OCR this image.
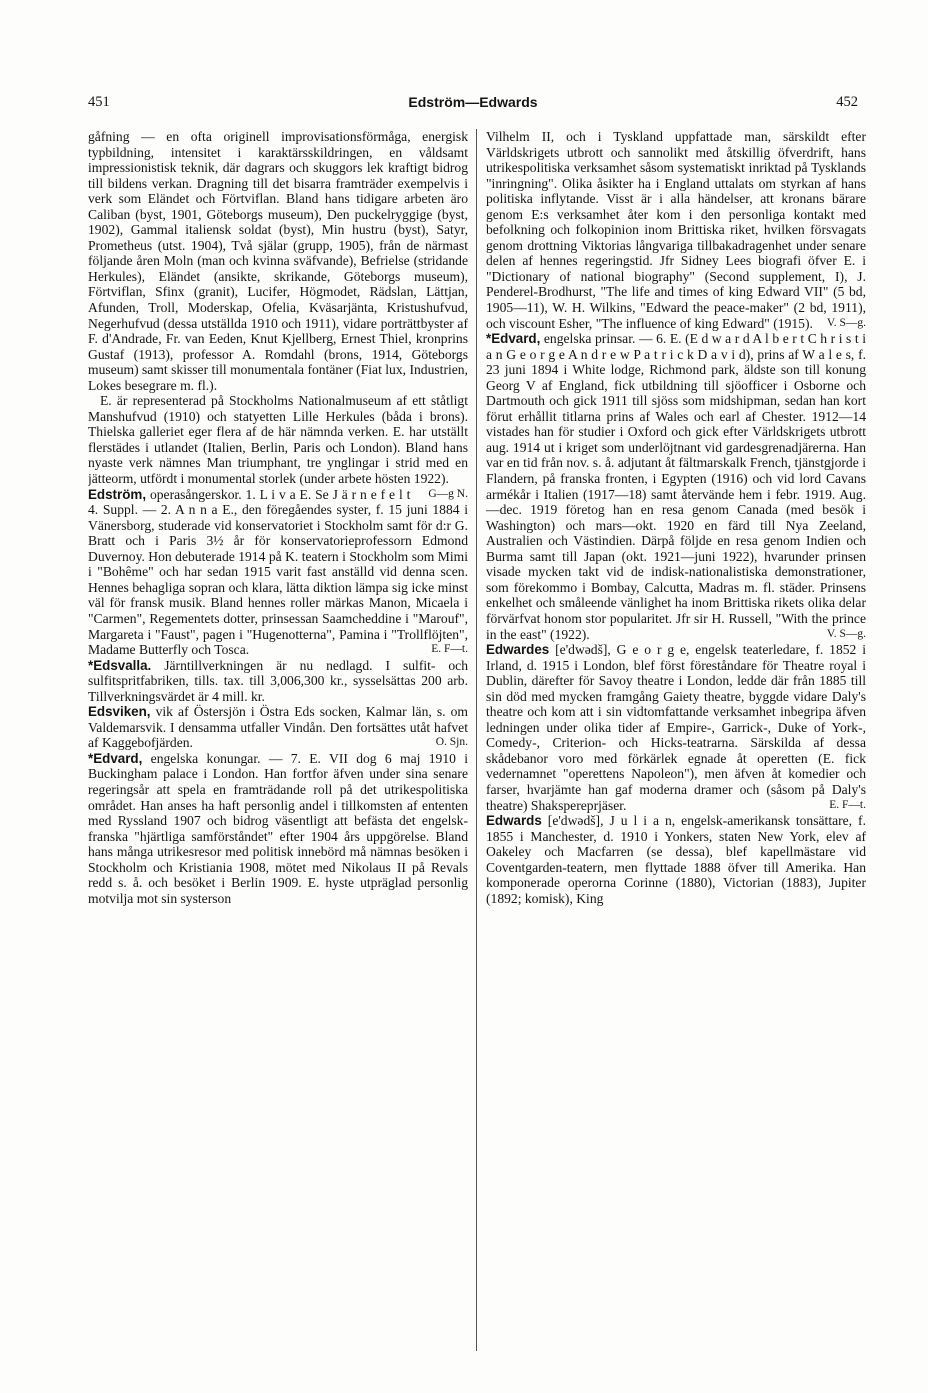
451	Edström—Edwards	452

gåfning — en ofta originell improvisationsförmåga, energisk typbildning, intensitet i karaktärsskildringen, en våldsamt impressionistisk teknik, där dagrars och skuggors lek kraftigt bidrog till bildens verkan. Dragning till det bisarra framträder exempelvis i verk som Eländet och Förtviflan. Bland hans tidigare arbeten äro Caliban (byst, 1901, Göteborgs museum), Den puckelryggige (byst, 1902), Gammal italiensk soldat (byst), Min hustru (byst), Satyr, Prometheus (utst. 1904), Två själar (grupp, 1905), från de närmast följande åren Moln (man och kvinna sväfvande), Befrielse (stridande Herkules), Eländet (ansikte, skrikande, Göteborgs museum), Förtviflan, Sfinx (granit), Lucifer, Högmodet, Rädslan, Lättjan, Afunden, Troll, Moderskap, Ofelia, Kväsarjänta, Kristushufvud, Negerhufvud (dessa utställda 1910 och 1911), vidare porträttbyster af F. d'Andrade, Fr. van Eeden, Knut Kjellberg, Ernest Thiel, kronprins Gustaf (1913), professor A. Romdahl (brons, 1914, Göteborgs museum) samt skisser till monumentala fontäner (Fiat lux, Industrien, Lokes besegrare m. fl.).

E. är representerad på Stockholms Nationalmuseum af ett ståtligt Manshufvud (1910) och statyetten Lille Herkules (båda i brons). Thielska galleriet eger flera af de här nämnda verken. E. har utställt flerstädes i utlandet (Italien, Berlin, Paris och London). Bland hans nyaste verk nämnes Man triumphant, tre ynglingar i strid med en jätteorm, utfördt i monumental storlek (under arbete hösten 1922).
G—g N.

Edström, operasångerskor. 1. L i v a E. Se J ä r n e f e l t 4. Suppl. — 2. A n n a E., den föregåendes syster, f. 15 juni 1884 i Vänersborg, studerade vid konservatoriet i Stockholm samt för d:r G. Bratt och i Paris 3½ år för konservatorieprofessorn Edmond Duvernoy. Hon debuterade 1914 på K. teatern i Stockholm som Mimi i "Bohême" och har sedan 1915 varit fast anställd vid denna scen. Hennes behagliga sopran och klara, lätta diktion lämpa sig icke minst väl för fransk musik. Bland hennes roller märkas Manon, Micaela i "Carmen", Regementets dotter, prinsessan Saamcheddine i "Marouf", Margareta i "Faust", pagen i "Hugenotterna", Pamina i "Trollflöjten", Madame Butterfly och Tosca.	E. F—t.

*Edsvalla. Järntillverkningen är nu nedlagd. I sulfit- och sulfitspritfabriken, tills. tax. till 3,006,300 kr., sysselsättas 200 arb. Tillverkningsvärdet är 4 mill. kr.

Edsviken, vik af Östersjön i Östra Eds socken, Kalmar län, s. om Valdemarsvik. I densamma utfaller Vindån. Den fortsättes utåt hafvet af Kaggebofjärden.	O. Sjn.

*Edvard, engelska konungar. — 7. E. VII dog 6 maj 1910 i Buckingham palace i London. Han fortfor äfven under sina senare regeringsår att spela en framträdande roll på det utrikespolitiska området. Han anses ha haft personlig andel i tillkomsten af ententen med Ryssland 1907 och bidrog väsentligt att befästa det engelsk-franska "hjärtliga samförståndet" efter 1904 års uppgörelse. Bland hans många utrikesresor med politisk innebörd må nämnas besöken i Stockholm och Kristiania 1908, mötet med Nikolaus II på Revals redd s. å. och besöket i Berlin 1909. E. hyste utpräglad personlig motvilja mot sin systerson

Vilhelm II, och i Tyskland uppfattade man, särskildt efter Världskrigets utbrott och sannolikt med åtskillig öfverdrift, hans utrikespolitiska verksamhet såsom systematiskt inriktad på Tysklands "inringning". Olika åsikter ha i England uttalats om styrkan af hans politiska inflytande. Visst är i alla händelser, att kronans bärare genom E:s verksamhet åter kom i den personliga kontakt med befolkning och folkopinion inom Brittiska riket, hvilken försvagats genom drottning Viktorias långvariga tillbakadragenhet under senare delen af hennes regeringstid. Jfr Sidney Lees biografi öfver E. i "Dictionary of national biography" (Second supplement, I), J. Penderel-Brodhurst, "The life and times of king Edward VII" (5 bd, 1905—11), W. H. Wilkins, "Edward the peace-maker" (2 bd, 1911), och viscount Esher, "The influence of king Edward" (1915). V. S—g.

*Edvard, engelska prinsar. — 6. E. (E d w a r d A l b e r t C h r i s t i a n G e o r g e A n d r e w P a t r i c k D a v i d), prins af W a l e s, f. 23 juni 1894 i White lodge, Richmond park, äldste son till konung Georg V af England, fick utbildning till sjöofficer i Osborne och Dartmouth och gick 1911 till sjöss som midshipman, sedan han kort förut erhållit titlarna prins af Wales och earl af Chester. 1912—14 vistades han för studier i Oxford och gick efter Världskrigets utbrott aug. 1914 ut i kriget som underlöjtnant vid gardesgrenadjärerna. Han var en tid från nov. s. å. adjutant åt fältmarskalk French, tjänstgjorde i Flandern, på franska fronten, i Egypten (1916) och vid lord Cavans armékår i Italien (1917—18) samt återvände hem i febr. 1919. Aug.—dec. 1919 företog han en resa genom Canada (med besök i Washington) och mars—okt. 1920 en färd till Nya Zeeland, Australien och Västindien. Därpå följde en resa genom Indien och Burma samt till Japan (okt. 1921—juni 1922), hvarunder prinsen visade mycken takt vid de indisk-nationalistiska demonstrationer, som förekommo i Bombay, Calcutta, Madras m. fl. städer. Prinsens enkelhet och småleende vänlighet ha inom Brittiska rikets olika delar förvärfvat honom stor popularitet. Jfr sir H. Russell, "With the prince in the east" (1922).	V. S—g.

Edwardes [e'dwədš], G e o r g e, engelsk teaterledare, f. 1852 i Irland, d. 1915 i London, blef först föreståndare för Theatre royal i Dublin, därefter för Savoy theatre i London, ledde där från 1885 till sin död med mycken framgång Gaiety theatre, byggde vidare Daly's theatre och kom att i sin vidtomfattande verksamhet inbegripa äfven ledningen under olika tider af Empire-, Garrick-, Duke of York-, Comedy-, Criterion- och Hicks-teatrarna. Särskilda af dessa skådebanor voro med förkärlek egnade åt operetten (E. fick vedernamnet "operettens Napoleon"), men äfven åt komedier och farser, hvarjämte han gaf moderna dramer och (såsom på Daly's theatre) Shakspereprjäser.	E. F—t.

Edwards [e'dwədš], J u l i a n, engelsk-amerikansk tonsättare, f. 1855 i Manchester, d. 1910 i Yonkers, staten New York, elev af Oakeley och Macfarren (se dessa), blef kapellmästare vid Coventgarden-teatern, men flyttade 1888 öfver till Amerika. Han komponerade operorna Corinne (1880), Victorian (1883), Jupiter (1892; komisk), King
